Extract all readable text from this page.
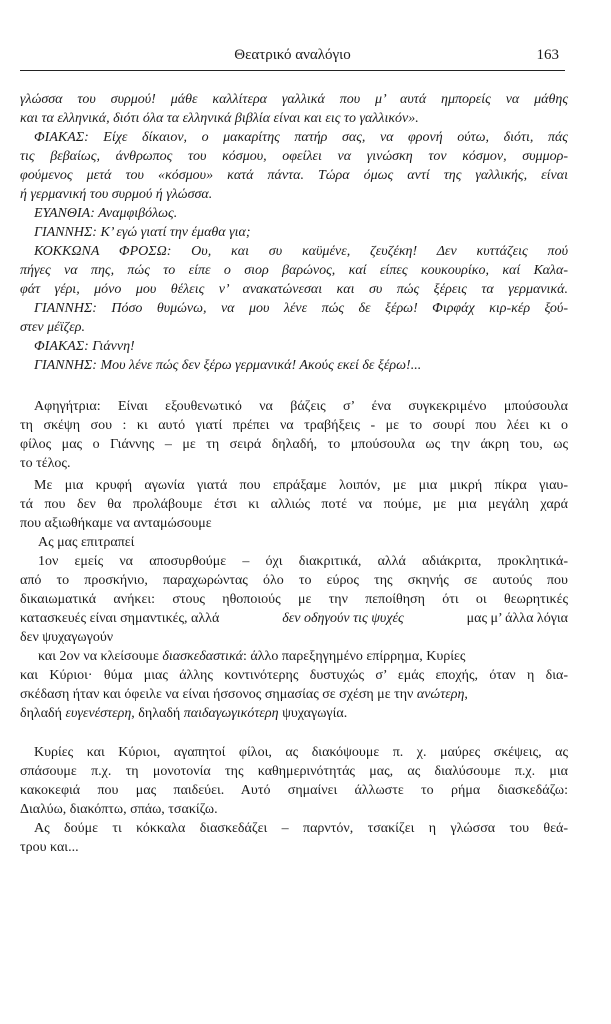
Θεατρικό αναλόγιο	163
γλώσσα του συρμού! μάθε καλλίτερα γαλλικά που μ’ αυτά ημπορείς να μάθης
και τα ελληνικά, διότι όλα τα ελληνικά βιβλία είναι και εις το γαλλικόν».
ΦΙΑΚΑΣ: Είχε δίκαιον, ο μακαρίτης πατήρ σας, να φρονή ούτω, διότι, πάς
τις βεβαίως, άνθρωπος του κόσμου, οφείλει να γινώσκη τον κόσμον, συμμορ-
φούμενος μετά του «κόσμου» κατά πάντα. Τώρα όμως αντί της γαλλικής, είναι
ή γερμανική του συρμού ή γλώσσα.
ΕΥΑΝΘΙΑ: Αναμφιβόλως.
ΓΙΑΝΝΗΣ: Κ’ εγώ γιατί την έμαθα για;
ΚΟΚΚΩΝΑ ΦΡΟΣΩ: Ου, και συ καϋμένε, ζευζέκη! Δεν κυττάζεις πού
πήγες να πης, πώς το είπε ο σιορ βαρώνος, καί είπες κουκουρίκο, καί Καλα-
φάτ γέρι, μόνο μου θέλεις ν’ ανακατώνεσαι και συ πώς ξέρεις τα γερμανικά.
ΓΙΑΝΝΗΣ: Πόσο θυμώνω, να μου λένε πώς δε ξέρω! Φιρφάχ κιρ-κέρ ξού-
στεν μέϊζερ.
ΦΙΑΚΑΣ: Γιάννη!
ΓΙΑΝΝΗΣ: Μου λένε πώς δεν ξέρω γερμανικά! Ακούς εκεί δε ξέρω!...
Αφηγήτρια: Είναι εξουθενωτικό να βάζεις σ’ ένα συγκεκριμένο μπούσουλα
τη σκέψη σου : κι αυτό γιατί πρέπει να τραβήξεις - με το σουρί που λέει κι ο
φίλος μας ο Γιάννης – με τη σειρά δηλαδή, το μπούσουλα ως την άκρη του, ως
το τέλος.
Με μια κρυφή αγωνία γιατά που επράξαμε λοιπόν, με μια μικρή πίκρα γιαυ-
τά που δεν θα προλάβουμε έτσι κι αλλιώς ποτέ να πούμε, με μια μεγάλη χαρά
που αξιωθήκαμε να ανταμώσουμε
Ας μας επιτραπεί
1ον εμείς να αποσυρθούμε – όχι διακριτικά, αλλά αδιάκριτα, προκλητικά-
από το προσκήνιο, παραχωρώντας όλο το εύρος της σκηνής σε αυτούς που
δικαιωματικά ανήκει: στους ηθοποιούς με την πεποίθηση ότι οι θεωρητικές
κατασκευές είναι σημαντικές, αλλά	δεν οδηγούν τις ψυχές	μας μ’ άλλα λόγια
δεν ψυχαγωγούν
και 2ον να κλείσουμε
διασκεδαστικά : άλλο παρεξηγημένο επίρρημα, Κυρίες
και Κύριοι· θύμα μιας άλλης κοντινότερης δυστυχώς σ’ εμάς εποχής, όταν η δια-
σκέδαση ήταν και όφειλε να είναι ήσσονος σημασίας σε σχέση με την ανώτερη,
δηλαδή ευγενέστερη, δηλαδή παιδαγωγικότερη ψυχαγωγία.
Κυρίες και Κύριοι, αγαπητοί φίλοι, ας διακόψουμε π. χ. μαύρες σκέψεις, ας
σπάσουμε π.χ. τη μονοτονία της καθημερινότητάς μας, ας διαλύσουμε π.χ. μια
κακοκεφιά που μας παιδεύει. Αυτό σημαίνει άλλωστε το ρήμα διασκεδάζω:
Διαλύω, διακόπτω, σπάω, τσακίζω.
Ας δούμε τι κόκκαλα διασκεδάζει – παρντόν, τσακίζει η γλώσσα του θεά-
τρου και...
